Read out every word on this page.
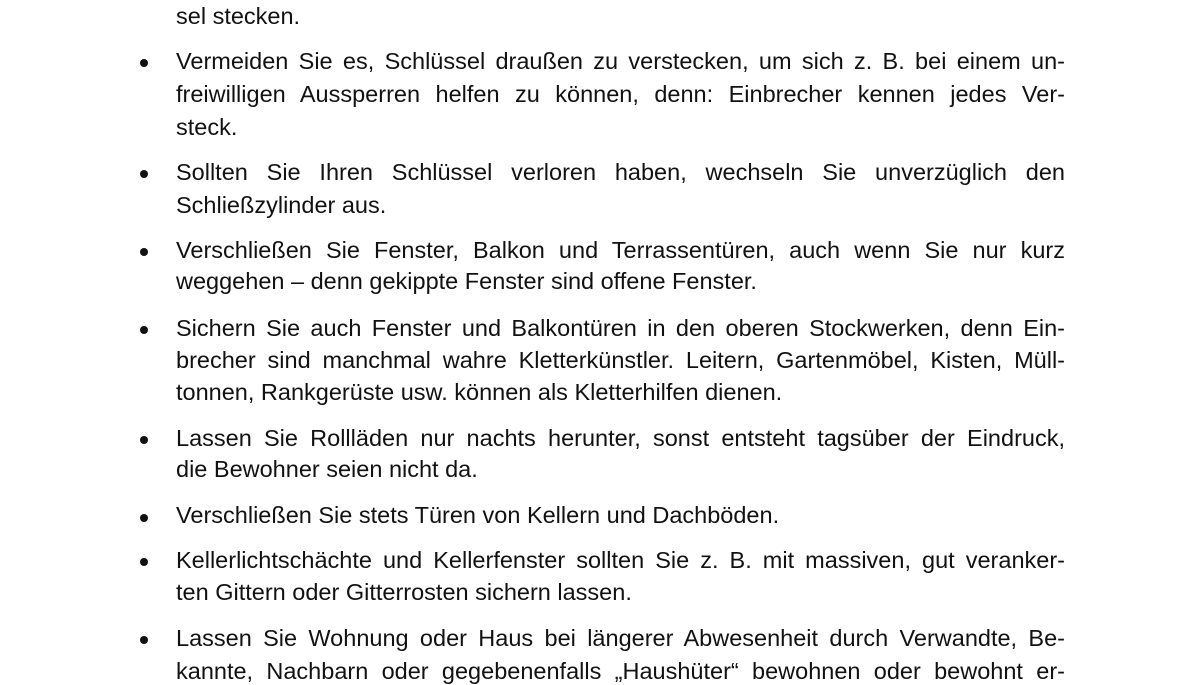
sel stecken.
Vermeiden Sie es, Schlüssel draußen zu verstecken, um sich z. B. bei einem un-
freiwilligen Aussperren helfen zu können, denn: Einbrecher kennen jedes Ver-
steck.
Sollten Sie Ihren Schlüssel verloren haben, wechseln Sie unverzüglich den
Schließzylinder aus.
Verschließen Sie Fenster, Balkon und Terrassentüren, auch wenn Sie nur kurz
weggehen – denn gekippte Fenster sind offene Fenster.
Sichern Sie auch Fenster und Balkontüren in den oberen Stockwerken, denn Ein-
brecher sind manchmal wahre Kletterkünstler. Leitern, Gartenmöbel, Kisten, Müll-
tonnen, Rankgerüste usw. können als Kletterhilfen dienen.
Lassen Sie Rollläden nur nachts herunter, sonst entsteht tagsüber der Eindruck,
die Bewohner seien nicht da.
Verschließen Sie stets Türen von Kellern und Dachböden.
Kellerlichtschächte und Kellerfenster sollten Sie z. B. mit massiven, gut veranker-
ten Gittern oder Gitterrosten sichern lassen.
Lassen Sie Wohnung oder Haus bei längerer Abwesenheit durch Verwandte, Be-
kannte, Nachbarn oder gegebenenfalls „Haushüter“ bewohnen oder bewohnt er-
